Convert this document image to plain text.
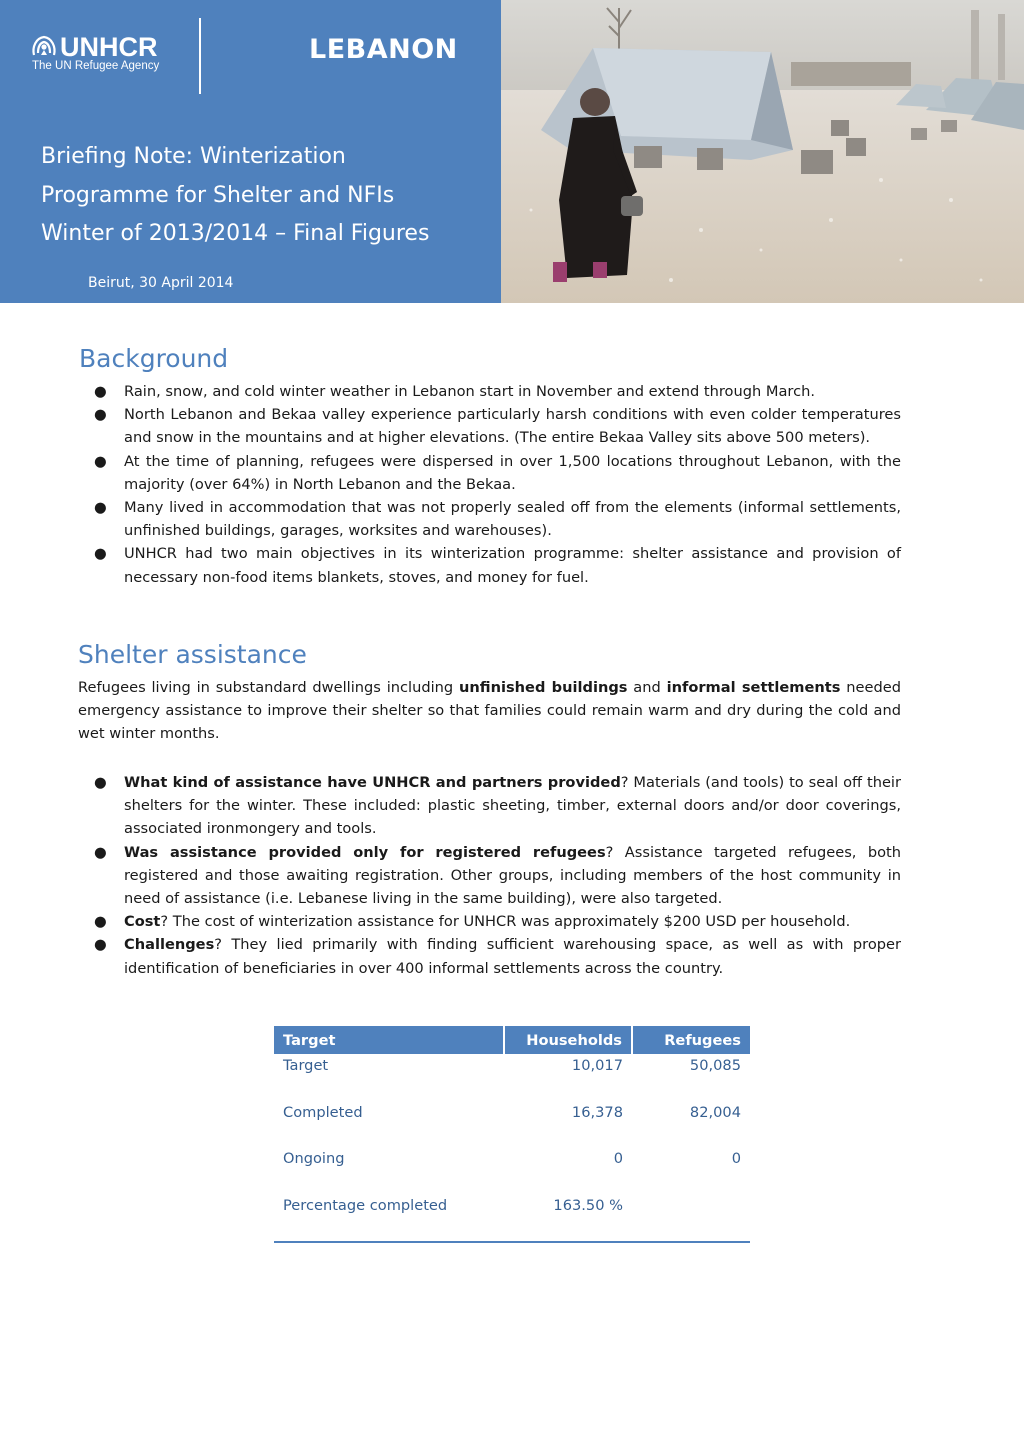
UNHCR
The UN Refugee Agency
LEBANON
Briefing Note: Winterization
Programme for Shelter and NFIs
Winter of 2013/2014 – Final Figures
Beirut, 30 April 2014
Background
● Rain, snow, and cold winter weather in Lebanon start in November and extend through March.
● North Lebanon and Bekaa valley experience particularly harsh conditions with even colder temperatures and snow in the mountains and at higher elevations. (The entire Bekaa Valley sits above 500 meters).
● At the time of planning, refugees were dispersed in over 1,500 locations throughout Lebanon, with the majority (over 64%) in North Lebanon and the Bekaa.
● Many lived in accommodation that was not properly sealed off from the elements (informal settlements, unfinished buildings, garages, worksites and warehouses).
● UNHCR had two main objectives in its winterization programme: shelter assistance and provision of necessary non-food items blankets, stoves, and money for fuel.
Shelter assistance

Refugees living in substandard dwellings including unfinished buildings and informal settlements needed emergency assistance to improve their shelter so that families could remain warm and dry during the cold and wet winter months.

● What kind of assistance have UNHCR and partners provided? Materials (and tools) to seal off their shelters for the winter. These included: plastic sheeting, timber, external doors and/or door coverings, associated ironmongery and tools.
● Was assistance provided only for registered refugees? Assistance targeted refugees, both registered and those awaiting registration. Other groups, including members of the host community in need of assistance (i.e. Lebanese living in the same building), were also targeted.
● Cost? The cost of winterization assistance for UNHCR was approximately $200 USD per household.
● Challenges? They lied primarily with finding sufficient warehousing space, as well as with proper identification of beneficiaries in over 400 informal settlements across the country.
Target	Households	Refugees
Target	10,017	50,085
Completed	16,378	82,004
Ongoing	0	0
Percentage completed	163.50 %	
